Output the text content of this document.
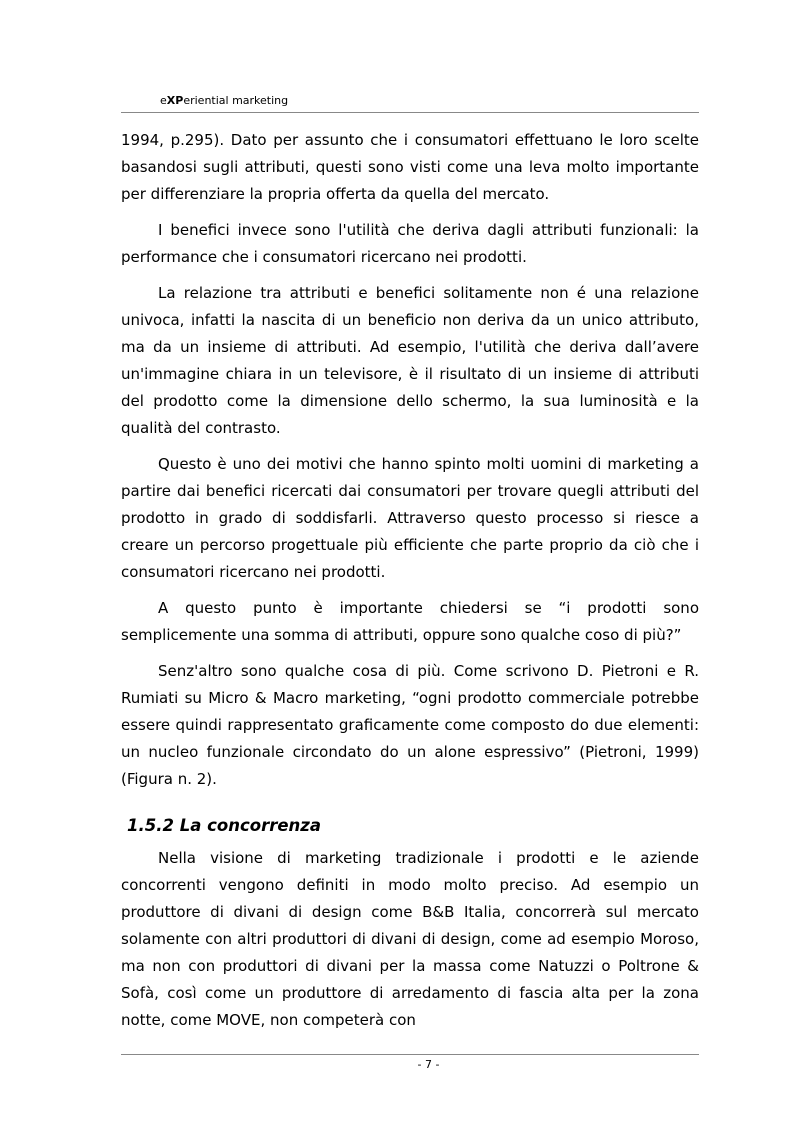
eXPeriential marketing

1994, p.295). Dato per assunto che i consumatori effettuano le loro scelte basandosi sugli attributi, questi sono visti come una leva molto importante per differenziare la propria offerta da quella del mercato.

I benefici invece sono l'utilità che deriva dagli attributi funzionali: la performance che i consumatori ricercano nei prodotti.

La relazione tra attributi e benefici solitamente non é una relazione univoca, infatti la nascita di un beneficio non deriva da un unico attributo, ma da un insieme di attributi. Ad esempio, l'utilità che deriva dall’avere un'immagine chiara in un televisore, è il risultato di un insieme di attributi del prodotto come la dimensione dello schermo, la sua luminosità e la qualità del contrasto.

Questo è uno dei motivi che hanno spinto molti uomini di marketing a partire dai benefici ricercati dai consumatori per trovare quegli attributi del prodotto in grado di soddisfarli. Attraverso questo processo si riesce a creare un percorso progettuale più efficiente che parte proprio da ciò che i consumatori ricercano nei prodotti.

A questo punto è importante chiedersi se “i prodotti sono semplicemente una somma di attributi, oppure sono qualche coso di più?”

Senz'altro sono qualche cosa di più. Come scrivono D. Pietroni e R. Rumiati su Micro & Macro marketing, “ogni prodotto commerciale potrebbe essere quindi rappresentato graficamente come composto do due elementi: un nucleo funzionale circondato do un alone espressivo” (Pietroni, 1999) (Figura n. 2).

1.5.2 La concorrenza

Nella visione di marketing tradizionale i prodotti e le aziende concorrenti vengono definiti in modo molto preciso. Ad esempio un produttore di divani di design come B&B Italia, concorrerà sul mercato solamente con altri produttori di divani di design, come ad esempio Moroso, ma non con produttori di divani per la massa come Natuzzi o Poltrone & Sofà, così come un produttore di arredamento di fascia alta per la zona notte, come MOVE, non competerà con

- 7 -
